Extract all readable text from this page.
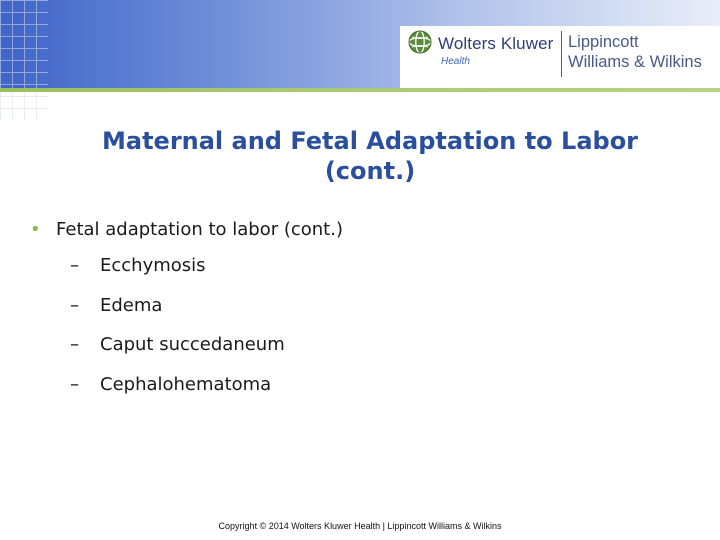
Wolters Kluwer
Health
Lippincott
Williams & Wilkins
Maternal and Fetal Adaptation to Labor
(cont.)
• Fetal adaptation to labor (cont.)
– Ecchymosis
– Edema
– Caput succedaneum
– Cephalohematoma
Copyright © 2014 Wolters Kluwer Health | Lippincott Williams & Wilkins
